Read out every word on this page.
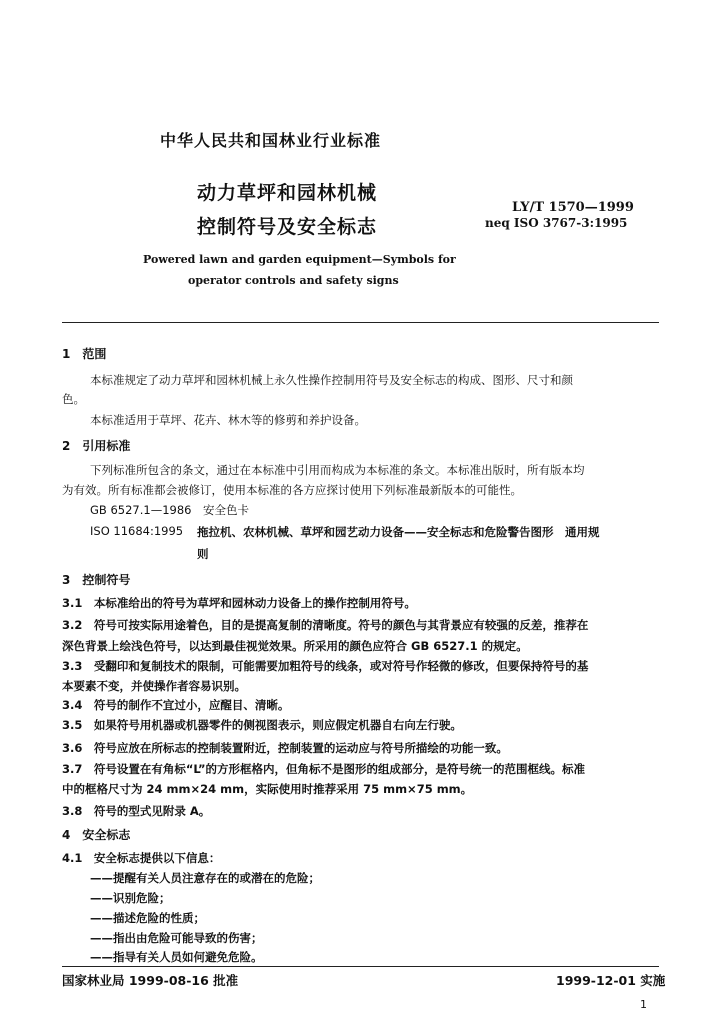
中华人民共和国林业行业标准
动力草坪和园林机械
控制符号及安全标志
LY/T 1570—1999
neq ISO 3767-3:1995
Powered lawn and garden equipment—Symbols for
operator controls and safety signs
1　范围
本标准规定了动力草坪和园林机械上永久性操作控制用符号及安全标志的构成、图形、尺寸和颜
色。
本标准适用于草坪、花卉、林木等的修剪和养护设备。
2　引用标准
下列标准所包含的条文，通过在本标准中引用而构成为本标准的条文。本标准出版时，所有版本均
为有效。所有标准都会被修订，使用本标准的各方应探讨使用下列标准最新版本的可能性。
GB 6527.1—1986　安全色卡
ISO 11684:1995 拖拉机、农林机械、草坪和园艺动力设备——安全标志和危险警告图形　通用规
则
3　控制符号
3.1　本标准给出的符号为草坪和园林动力设备上的操作控制用符号。
3.2　符号可按实际用途着色，目的是提高复制的清晰度。符号的颜色与其背景应有较强的反差，推荐在
深色背景上绘浅色符号，以达到最佳视觉效果。所采用的颜色应符合 GB 6527.1 的规定。
3.3　受翻印和复制技术的限制，可能需要加粗符号的线条，或对符号作轻微的修改，但要保持符号的基
本要素不变，并使操作者容易识别。
3.4　符号的制作不宜过小，应醒目、清晰。
3.5　如果符号用机器或机器零件的侧视图表示，则应假定机器自右向左行驶。
3.6　符号应放在所标志的控制装置附近，控制装置的运动应与符号所描绘的功能一致。
3.7　符号设置在有角标“L”的方形框格内，但角标不是图形的组成部分，是符号统一的范围框线。标准
中的框格尺寸为 24 mm×24 mm，实际使用时推荐采用 75 mm×75 mm。
3.8　符号的型式见附录 A。
4　安全标志
4.1　安全标志提供以下信息：
——提醒有关人员注意存在的或潜在的危险；
——识别危险；
——描述危险的性质；
——指出由危险可能导致的伤害；
——指导有关人员如何避免危险。
国家林业局 1999-08-16 批准	1999-12-01 实施
1
